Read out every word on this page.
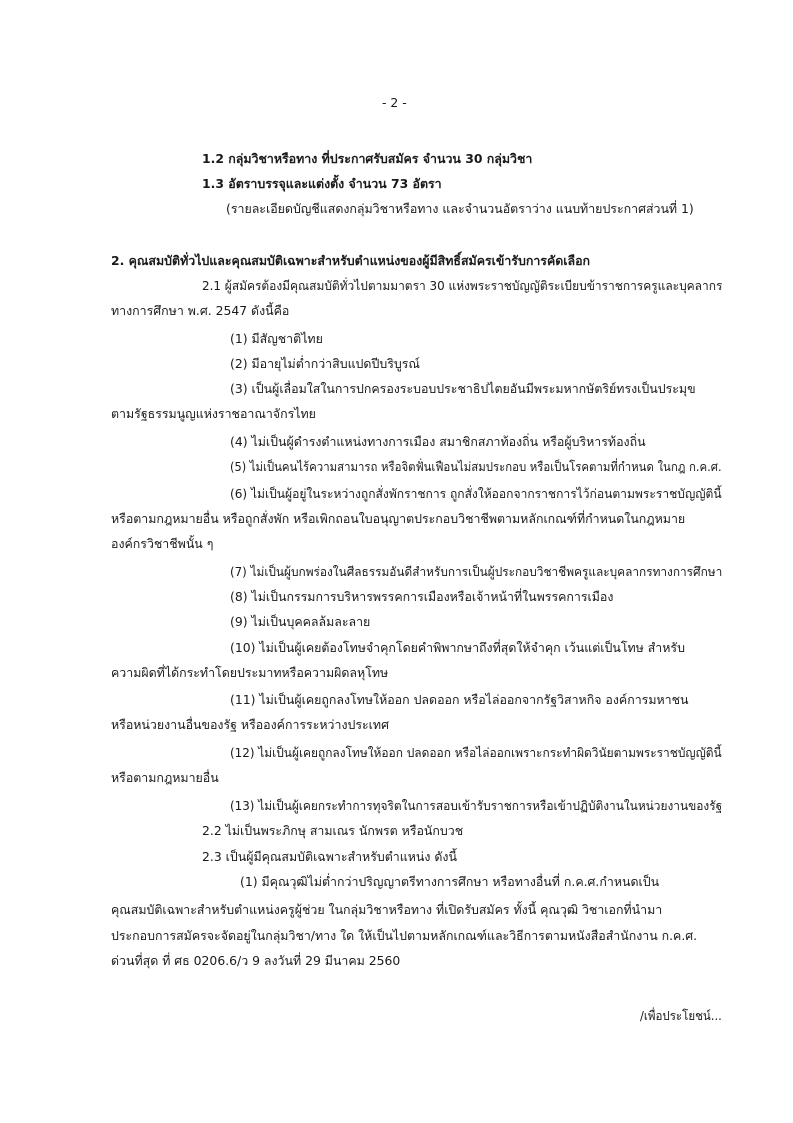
- 2 -
1.2 กลุ่มวิชาหรือทาง ที่ประกาศรับสมัคร จำนวน 30 กลุ่มวิชา
1.3 อัตราบรรจุและแต่งตั้ง จำนวน 73 อัตรา
(รายละเอียดบัญชีแสดงกลุ่มวิชาหรือทาง และจำนวนอัตราว่าง แนบท้ายประกาศส่วนที่ 1)
2. คุณสมบัติทั่วไปและคุณสมบัติเฉพาะสำหรับตำแหน่งของผู้มีสิทธิ์สมัครเข้ารับการคัดเลือก
2.1 ผู้สมัครต้องมีคุณสมบัติทั่วไปตามมาตรา 30 แห่งพระราชบัญญัติระเบียบข้าราชการครูและบุคลากร
ทางการศึกษา พ.ศ. 2547 ดังนี้คือ
(1) มีสัญชาติไทย
(2) มีอายุไม่ต่ำกว่าสิบแปดปีบริบูรณ์
(3) เป็นผู้เลื่อมใสในการปกครองระบอบประชาธิปไตยอันมีพระมหากษัตริย์ทรงเป็นประมุข
ตามรัฐธรรมนูญแห่งราชอาณาจักรไทย
(4) ไม่เป็นผู้ดำรงตำแหน่งทางการเมือง สมาชิกสภาท้องถิ่น หรือผู้บริหารท้องถิ่น
(5) ไม่เป็นคนไร้ความสามารถ หรือจิตฟั่นเฟือนไม่สมประกอบ หรือเป็นโรคตามที่กำหนด ในกฎ ก.ค.ศ.
(6) ไม่เป็นผู้อยู่ในระหว่างถูกสั่งพักราชการ ถูกสั่งให้ออกจากราชการไว้ก่อนตามพระราชบัญญัตินี้
หรือตามกฎหมายอื่น หรือถูกสั่งพัก หรือเพิกถอนใบอนุญาตประกอบวิชาชีพตามหลักเกณฑ์ที่กำหนดในกฎหมาย
องค์กรวิชาชีพนั้น ๆ
(7) ไม่เป็นผู้บกพร่องในศีลธรรมอันดีสำหรับการเป็นผู้ประกอบวิชาชีพครูและบุคลากรทางการศึกษา
(8) ไม่เป็นกรรมการบริหารพรรคการเมืองหรือเจ้าหน้าที่ในพรรคการเมือง
(9) ไม่เป็นบุคคลล้มละลาย
(10) ไม่เป็นผู้เคยต้องโทษจำคุกโดยคำพิพากษาถึงที่สุดให้จำคุก เว้นแต่เป็นโทษ สำหรับ
ความผิดที่ได้กระทำโดยประมาทหรือความผิดลหุโทษ
(11) ไม่เป็นผู้เคยถูกลงโทษให้ออก ปลดออก หรือไล่ออกจากรัฐวิสาหกิจ องค์การมหาชน
หรือหน่วยงานอื่นของรัฐ หรือองค์การระหว่างประเทศ
(12) ไม่เป็นผู้เคยถูกลงโทษให้ออก ปลดออก หรือไล่ออกเพราะกระทำผิดวินัยตามพระราชบัญญัตินี้
หรือตามกฎหมายอื่น
(13) ไม่เป็นผู้เคยกระทำการทุจริตในการสอบเข้ารับราชการหรือเข้าปฏิบัติงานในหน่วยงานของรัฐ
2.2 ไม่เป็นพระภิกษุ สามเณร นักพรต หรือนักบวช
2.3 เป็นผู้มีคุณสมบัติเฉพาะสำหรับตำแหน่ง ดังนี้
(1) มีคุณวุฒิไม่ต่ำกว่าปริญญาตรีทางการศึกษา หรือทางอื่นที่ ก.ค.ศ.กำหนดเป็น
คุณสมบัติเฉพาะสำหรับตำแหน่งครูผู้ช่วย ในกลุ่มวิชาหรือทาง ที่เปิดรับสมัคร ทั้งนี้ คุณวุฒิ วิชาเอกที่นำมา
ประกอบการสมัครจะจัดอยู่ในกลุ่มวิชา/ทาง ใด ให้เป็นไปตามหลักเกณฑ์และวิธีการตามหนังสือสำนักงาน ก.ค.ศ.
ด่วนที่สุด ที่ ศธ 0206.6/ว 9 ลงวันที่ 29 มีนาคม 2560
/เพื่อประโยชน์...
